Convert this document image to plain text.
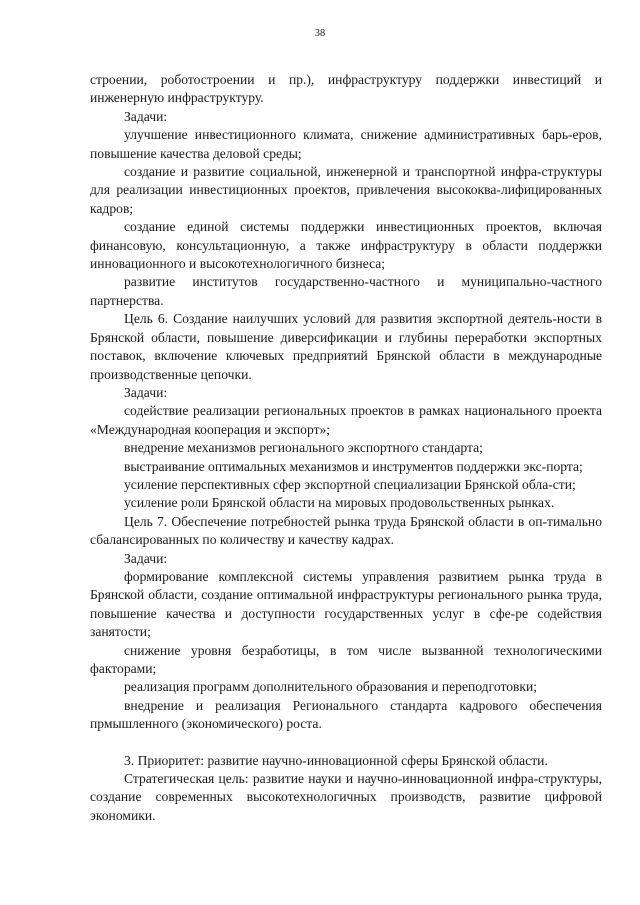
38

строении, роботостроении и пр.), инфраструктуру поддержки инвестиций и инженерную инфраструктуру.

Задачи:

улучшение инвестиционного климата, снижение административных барь-еров, повышение качества деловой среды;

создание и развитие социальной, инженерной и транспортной инфра-структуры для реализации инвестиционных проектов, привлечения высококва-лифицированных кадров;

создание единой системы поддержки инвестиционных проектов, включая финансовую, консультационную, а также инфраструктуру в области поддержки инновационного и высокотехнологичного бизнеса;

развитие институтов государственно-частного и муниципально-частного партнерства.

Цель 6. Создание наилучших условий для развития экспортной деятель-ности в Брянской области, повышение диверсификации и глубины переработки экспортных поставок, включение ключевых предприятий Брянской области в международные производственные цепочки.

Задачи:

содействие реализации региональных проектов в рамках национального проекта «Международная кооперация и экспорт»;

внедрение механизмов регионального экспортного стандарта;

выстраивание оптимальных механизмов и инструментов поддержки экс-порта;

усиление перспективных сфер экспортной специализации Брянской обла-сти;

усиление роли Брянской области на мировых продовольственных рынках.

Цель 7. Обеспечение потребностей рынка труда Брянской области в оп-тимально сбалансированных по количеству и качеству кадрах.

Задачи:

формирование комплексной системы управления развитием рынка труда в Брянской области, создание оптимальной инфраструктуры регионального рынка труда, повышение качества и доступности государственных услуг в сфе-ре содействия занятости;

снижение уровня безработицы, в том числе вызванной технологическими факторами;

реализация программ дополнительного образования и переподготовки;

внедрение и реализация Регионального стандарта кадрового обеспечения прмышленного (экономического) роста.

3. Приоритет: развитие научно-инновационной сферы Брянской области.

Стратегическая цель: развитие науки и научно-инновационной инфра-структуры, создание современных высокотехнологичных производств, развитие цифровой экономики.
